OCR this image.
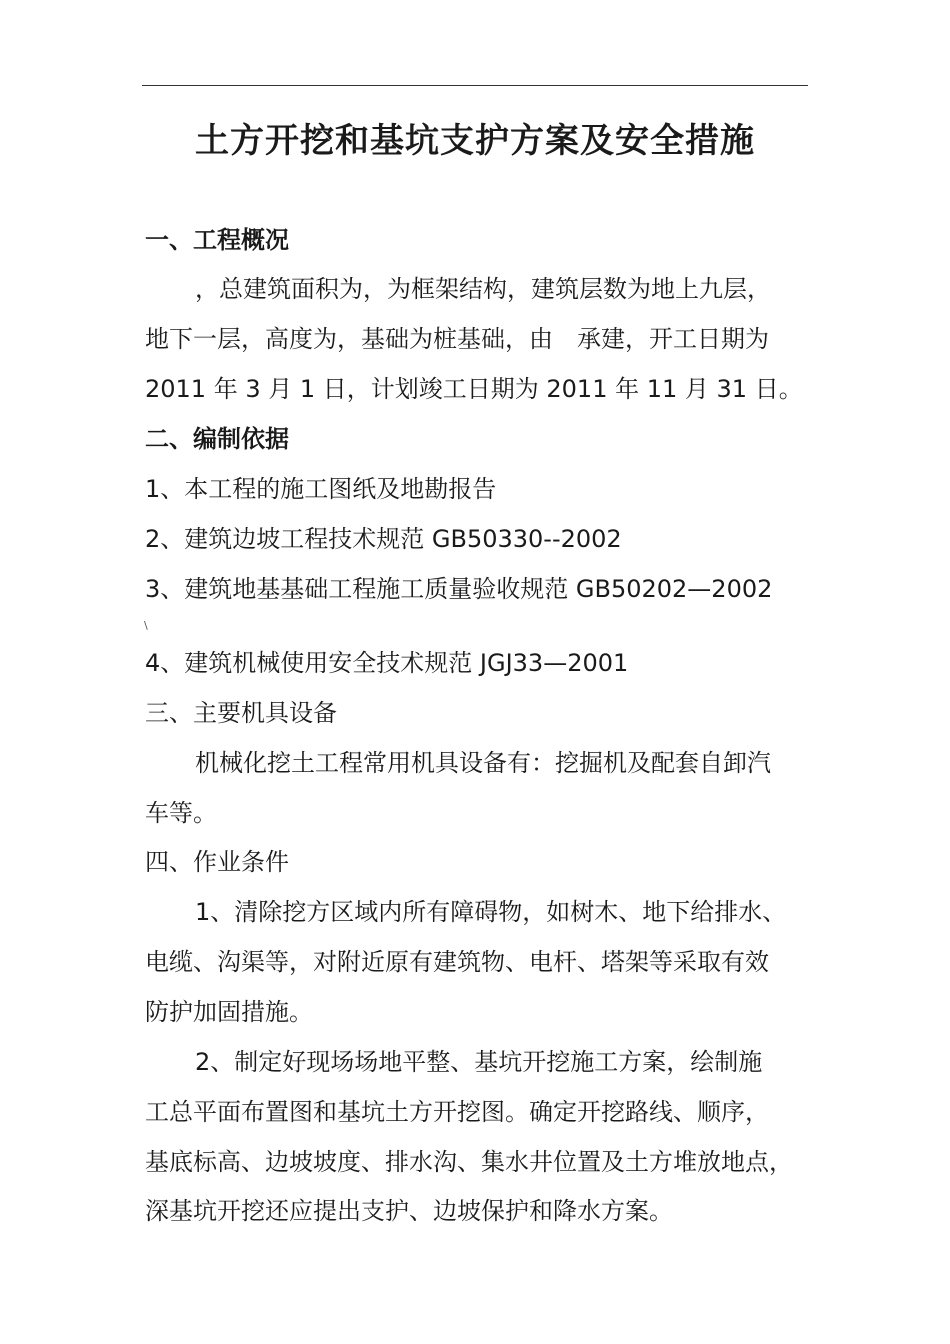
土方开挖和基坑支护方案及安全措施
一、工程概况
，总建筑面积为，为框架结构，建筑层数为地上九层，
地下一层，高度为，基础为桩基础，由　承建，开工日期为
2011 年 3 月 1 日，计划竣工日期为 2011 年 11 月 31 日。
二、编制依据
1、本工程的施工图纸及地勘报告
2、建筑边坡工程技术规范 GB50330--2002
3、建筑地基基础工程施工质量验收规范 GB50202—2002
\
4、建筑机械使用安全技术规范 JGJ33—2001
三、主要机具设备
机械化挖土工程常用机具设备有：挖掘机及配套自卸汽
车等。
四、作业条件
1、清除挖方区域内所有障碍物，如树木、地下给排水、
电缆、沟渠等，对附近原有建筑物、电杆、塔架等采取有效
防护加固措施。
2、制定好现场场地平整、基坑开挖施工方案，绘制施
工总平面布置图和基坑土方开挖图。确定开挖路线、顺序，
基底标高、边坡坡度、排水沟、集水井位置及土方堆放地点，
深基坑开挖还应提出支护、边坡保护和降水方案。
